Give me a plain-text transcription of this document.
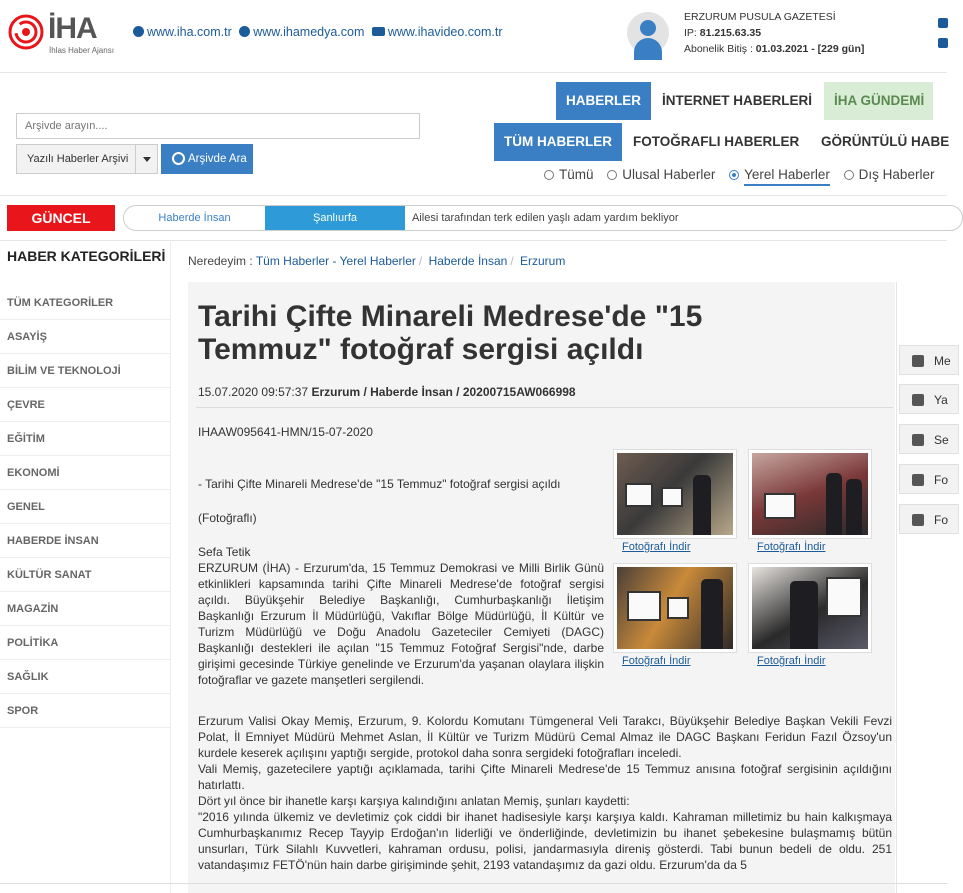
İHA
İhlas Haber Ajansı
www.iha.com.tr www.ihamedya.com www.ihavideo.com.tr
ERZURUM PUSULA GAZETESİ
IP: 81.215.63.35
Abonelik Bitiş : 01.03.2021 - [229 gün]
HABERLER	İNTERNET HABERLERİ	İHA GÜNDEMİ
TÜM HABERLER	FOTOĞRAFLI HABERLER	GÖRÜNTÜLÜ HABE
Tümü Ulusal Haberler Yerel Haberler Dış Haberler
Arşivde arayın....
Yazılı Haberler Arşivi	Arşivde Ara
GÜNCEL	Haberde İnsan	Şanlıurfa	Ailesi tarafından terk edilen yaşlı adam yardım bekliyor
HABER KATEGORİLERİ
TÜM KATEGORİLER
ASAYİŞ
BİLİM VE TEKNOLOJİ
ÇEVRE
EĞİTİM
EKONOMİ
GENEL
HABERDE İNSAN
KÜLTÜR SANAT
MAGAZİN
POLİTİKA
SAĞLIK
SPOR
Neredeyim : Tüm Haberler - Yerel Haberler / Haberde İnsan / Erzurum
Tarihi Çifte Minareli Medrese'de "15 Temmuz" fotoğraf sergisi açıldı
15.07.2020 09:57:37 Erzurum / Haberde İnsan / 20200715AW066998
IHAAW095641-HMN/15-07-2020
- Tarihi Çifte Minareli Medrese'de "15 Temmuz" fotoğraf sergisi açıldı
(Fotoğraflı)
Sefa Tetik
ERZURUM (İHA) - Erzurum'da, 15 Temmuz Demokrasi ve Milli Birlik Günü etkinlikleri kapsamında tarihi Çifte Minareli Medrese'de fotoğraf sergisi açıldı. Büyükşehir Belediye Başkanlığı, Cumhurbaşkanlığı İletişim Başkanlığı Erzurum İl Müdürlüğü, Vakıflar Bölge Müdürlüğü, İl Kültür ve Turizm Müdürlüğü ve Doğu Anadolu Gazeteciler Cemiyeti (DAGC) Başkanlığı destekleri ile açılan "15 Temmuz Fotoğraf Sergisi"nde, darbe girişimi gecesinde Türkiye genelinde ve Erzurum'da yaşanan olaylara ilişkin fotoğraflar ve gazete manşetleri sergilendi.
Erzurum Valisi Okay Memiş, Erzurum, 9. Kolordu Komutanı Tümgeneral Veli Tarakcı, Büyükşehir Belediye Başkan Vekili Fevzi Polat, İl Emniyet Müdürü Mehmet Aslan, İl Kültür ve Turizm Müdürü Cemal Almaz ile DAGC Başkanı Feridun Fazıl Özsoy'un kurdele keserek açılışını yaptığı sergide, protokol daha sonra sergideki fotoğrafları inceledi.
Vali Memiş, gazetecilere yaptığı açıklamada, tarihi Çifte Minareli Medrese'de 15 Temmuz anısına fotoğraf sergisinin açıldığını hatırlattı.
Dört yıl önce bir ihanetle karşı karşıya kalındığını anlatan Memiş, şunları kaydetti:
"2016 yılında ülkemiz ve devletimiz çok ciddi bir ihanet hadisesiyle karşı karşıya kaldı. Kahraman milletimiz bu hain kalkışmaya Cumhurbaşkanımız Recep Tayyip Erdoğan'ın liderliği ve önderliğinde, devletimizin bu ihanet şebekesine bulaşmamış bütün unsurları, Türk Silahlı Kuvvetleri, kahraman ordusu, polisi, jandarmasıyla direniş gösterdi. Tabi bunun bedeli de oldu. 251 vatandaşımız FETÖ'nün hain darbe girişiminde şehit, 2193 vatandaşımız da gazi oldu. Erzurum'da da 5
Fotoğrafı İndir	Fotoğrafı İndir
Fotoğrafı İndir	Fotoğrafı İndir
Me
Ya
Se
Fo
Fo
